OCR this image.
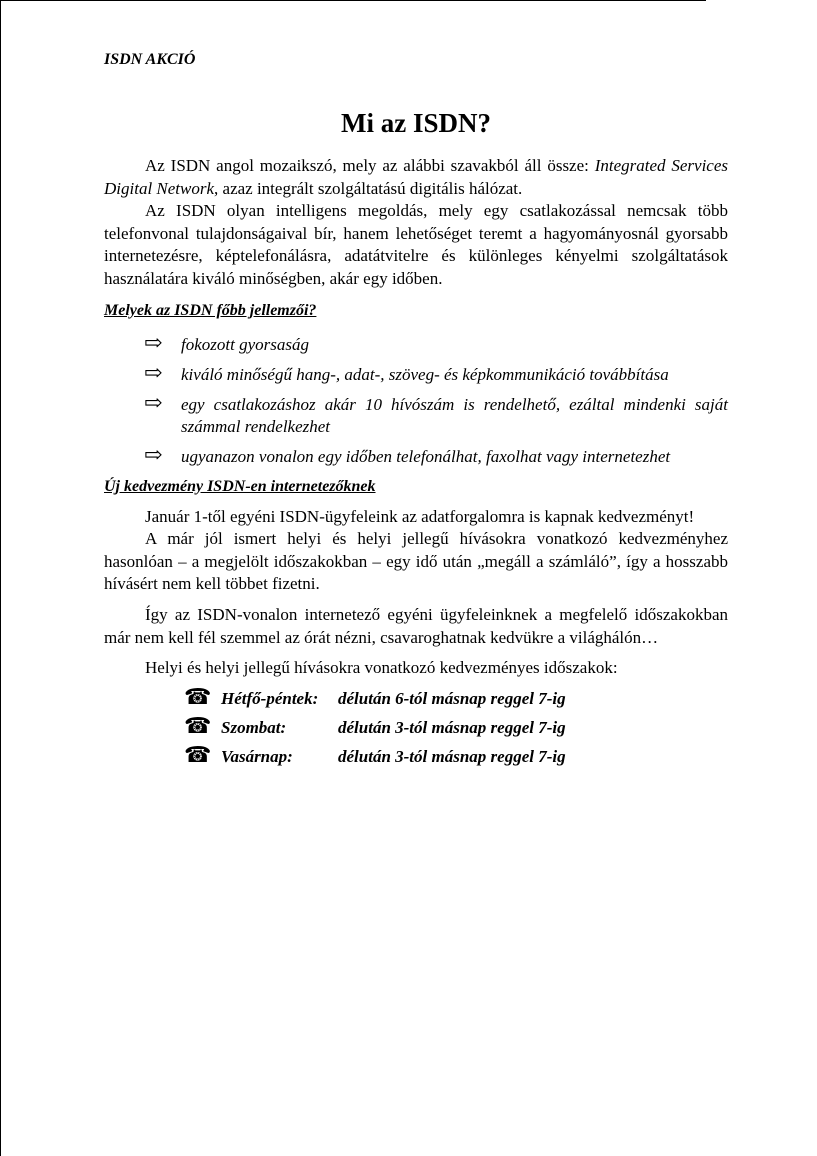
ISDN AKCIÓ

Mi az ISDN?

Az ISDN angol mozaikszó, mely az alábbi szavakból áll össze: Integrated Services Digital Network, azaz integrált szolgáltatású digitális hálózat.

Az ISDN olyan intelligens megoldás, mely egy csatlakozással nemcsak több telefonvonal tulajdonságaival bír, hanem lehetőséget teremt a hagyományosnál gyorsabb internetezésre, képtelefonálásra, adatátvitelre és különleges kényelmi szolgáltatások használatára kiváló minőségben, akár egy időben.

Melyek az ISDN főbb jellemzői?
⇨ fokozott gyorsaság
⇨ kiváló minőségű hang-, adat-, szöveg- és képkommunikáció továbbítása
⇨ egy csatlakozáshoz akár 10 hívószám is rendelhető, ezáltal mindenki saját számmal rendelkezhet
⇨ ugyanazon vonalon egy időben telefonálhat, faxolhat vagy internetezhet
Új kedvezmény ISDN-en internetezőknek

Január 1-től egyéni ISDN-ügyfeleink az adatforgalomra is kapnak kedvezményt!

A már jól ismert helyi és helyi jellegű hívásokra vonatkozó kedvezményhez hasonlóan – a megjelölt időszakokban – egy idő után „megáll a számláló”, így a hosszabb hívásért nem kell többet fizetni.

Így az ISDN-vonalon internetező egyéni ügyfeleinknek a megfelelő időszakokban már nem kell fél szemmel az órát nézni, csavaroghatnak kedvükre a világhálón…

Helyi és helyi jellegű hívásokra vonatkozó kedvezményes időszakok:

☎ Hétfő-péntek: délután 6-tól másnap reggel 7-ig
☎ Szombat:	délután 3-tól másnap reggel 7-ig
☎ Vasárnap:	délután 3-tól másnap reggel 7-ig
